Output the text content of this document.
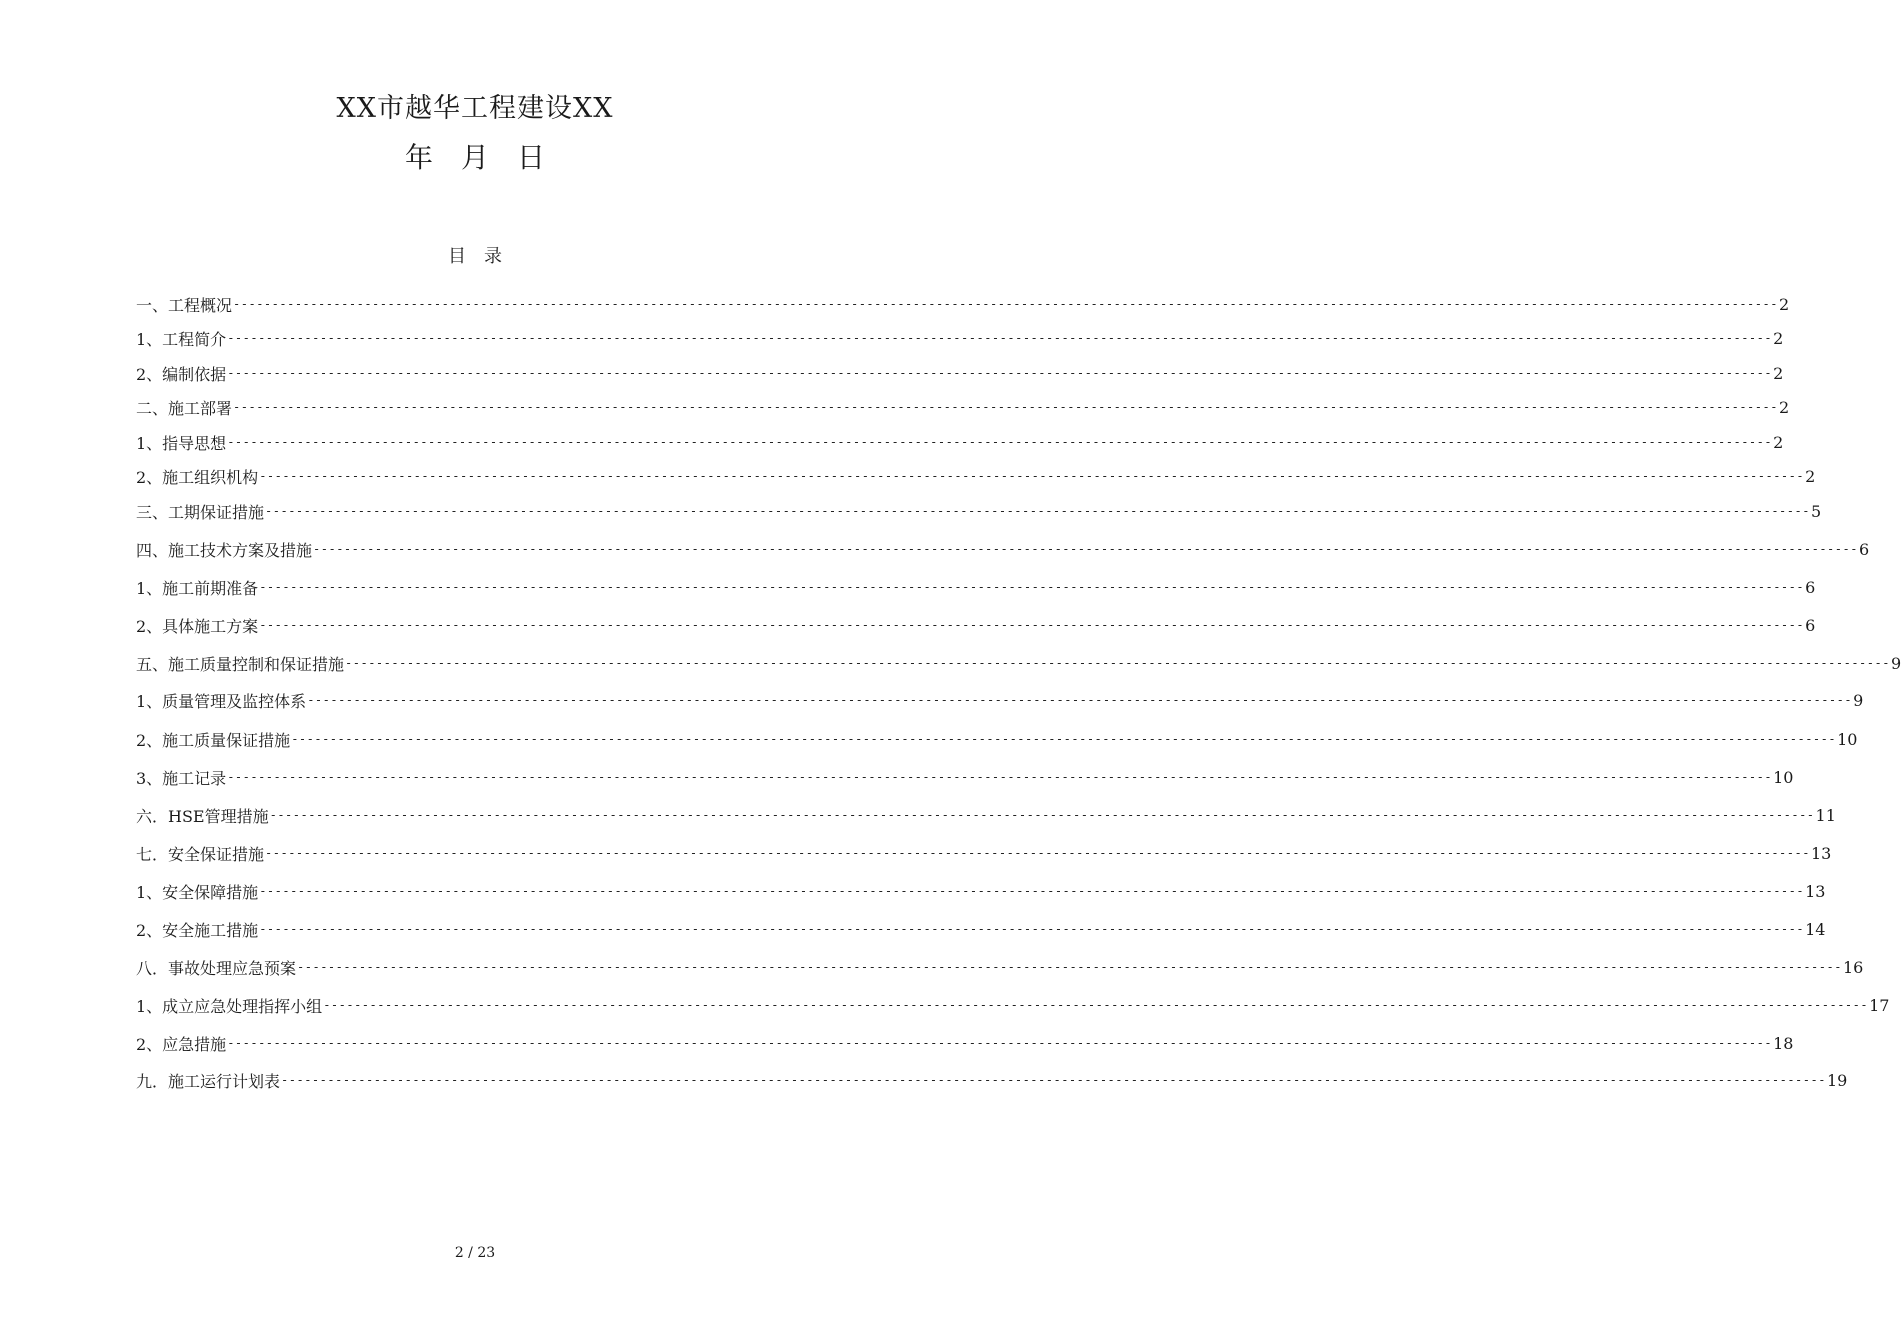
XX市越华工程建设XX
年　月　日
目　录
一、工程概况 -------------------------------------------------------------------------------------------------------------------------------------------------------------------------------------------------------- 2
1、工程简介 -------------------------------------------------------------------------------------------------------------------------------------------------------------------------------------------------------- 2
2、编制依据 -------------------------------------------------------------------------------------------------------------------------------------------------------------------------------------------------------- 2
二、施工部署 -------------------------------------------------------------------------------------------------------------------------------------------------------------------------------------------------------- 2
1、指导思想 -------------------------------------------------------------------------------------------------------------------------------------------------------------------------------------------------------- 2
2、施工组织机构 -------------------------------------------------------------------------------------------------------------------------------------------------------------------------------------------------------- 2
三、工期保证措施 -------------------------------------------------------------------------------------------------------------------------------------------------------------------------------------------------------- 5
四、施工技术方案及措施 -------------------------------------------------------------------------------------------------------------------------------------------------------------------------------------------------------- 6
1、施工前期准备 -------------------------------------------------------------------------------------------------------------------------------------------------------------------------------------------------------- 6
2、具体施工方案 -------------------------------------------------------------------------------------------------------------------------------------------------------------------------------------------------------- 6
五、施工质量控制和保证措施 -------------------------------------------------------------------------------------------------------------------------------------------------------------------------------------------------------- 9
1、质量管理及监控体系 -------------------------------------------------------------------------------------------------------------------------------------------------------------------------------------------------------- 9
2、施工质量保证措施 -------------------------------------------------------------------------------------------------------------------------------------------------------------------------------------------------------- 10
3、施工记录 -------------------------------------------------------------------------------------------------------------------------------------------------------------------------------------------------------- 10
六．HSE管理措施 -------------------------------------------------------------------------------------------------------------------------------------------------------------------------------------------------------- 11
七．安全保证措施 -------------------------------------------------------------------------------------------------------------------------------------------------------------------------------------------------------- 13
1、安全保障措施 -------------------------------------------------------------------------------------------------------------------------------------------------------------------------------------------------------- 13
2、安全施工措施 -------------------------------------------------------------------------------------------------------------------------------------------------------------------------------------------------------- 14
八．事故处理应急预案 -------------------------------------------------------------------------------------------------------------------------------------------------------------------------------------------------------- 16
1、成立应急处理指挥小组 -------------------------------------------------------------------------------------------------------------------------------------------------------------------------------------------------------- 17
2、应急措施 -------------------------------------------------------------------------------------------------------------------------------------------------------------------------------------------------------- 18
九．施工运行计划表 -------------------------------------------------------------------------------------------------------------------------------------------------------------------------------------------------------- 19
2 / 23
